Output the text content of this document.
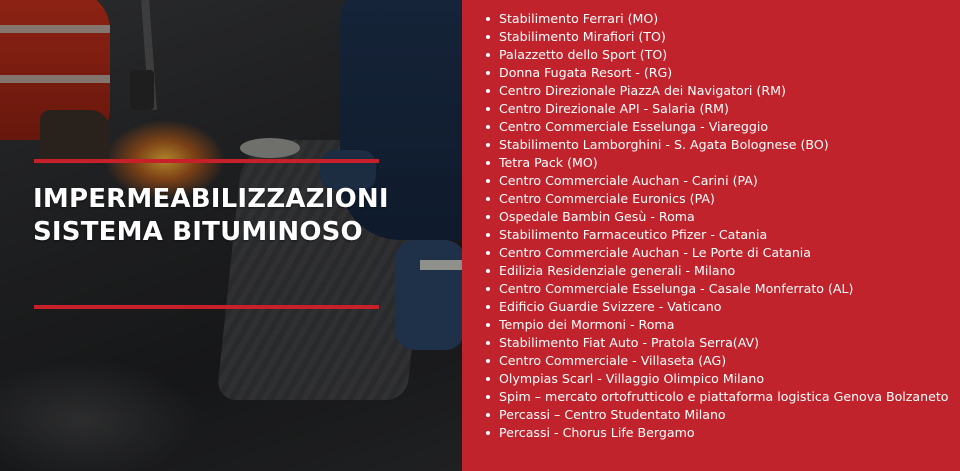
IMPERMEABILIZZAZIONI
SISTEMA BITUMINOSO
Stabilimento Ferrari (MO)
Stabilimento Mirafiori (TO)
Palazzetto dello Sport (TO)
Donna Fugata Resort - (RG)
Centro Direzionale PiazzA dei Navigatori (RM)
Centro Direzionale API - Salaria (RM)
Centro Commerciale Esselunga - Viareggio
Stabilimento Lamborghini - S. Agata Bolognese (BO)
Tetra Pack (MO)
Centro Commerciale Auchan - Carini (PA)
Centro Commerciale Euronics (PA)
Ospedale Bambin Gesù - Roma
Stabilimento Farmaceutico Pfizer - Catania
Centro Commerciale Auchan - Le Porte di Catania
Edilizia Residenziale generali - Milano
Centro Commerciale Esselunga - Casale Monferrato (AL)
Edificio Guardie Svizzere - Vaticano
Tempio dei Mormoni - Roma
Stabilimento Fiat Auto - Pratola Serra(AV)
Centro Commerciale - Villaseta (AG)
Olympias Scarl - Villaggio Olimpico Milano
Spim – mercato ortofrutticolo e piattaforma logistica Genova Bolzaneto
Percassi – Centro Studentato Milano
Percassi - Chorus Life Bergamo
